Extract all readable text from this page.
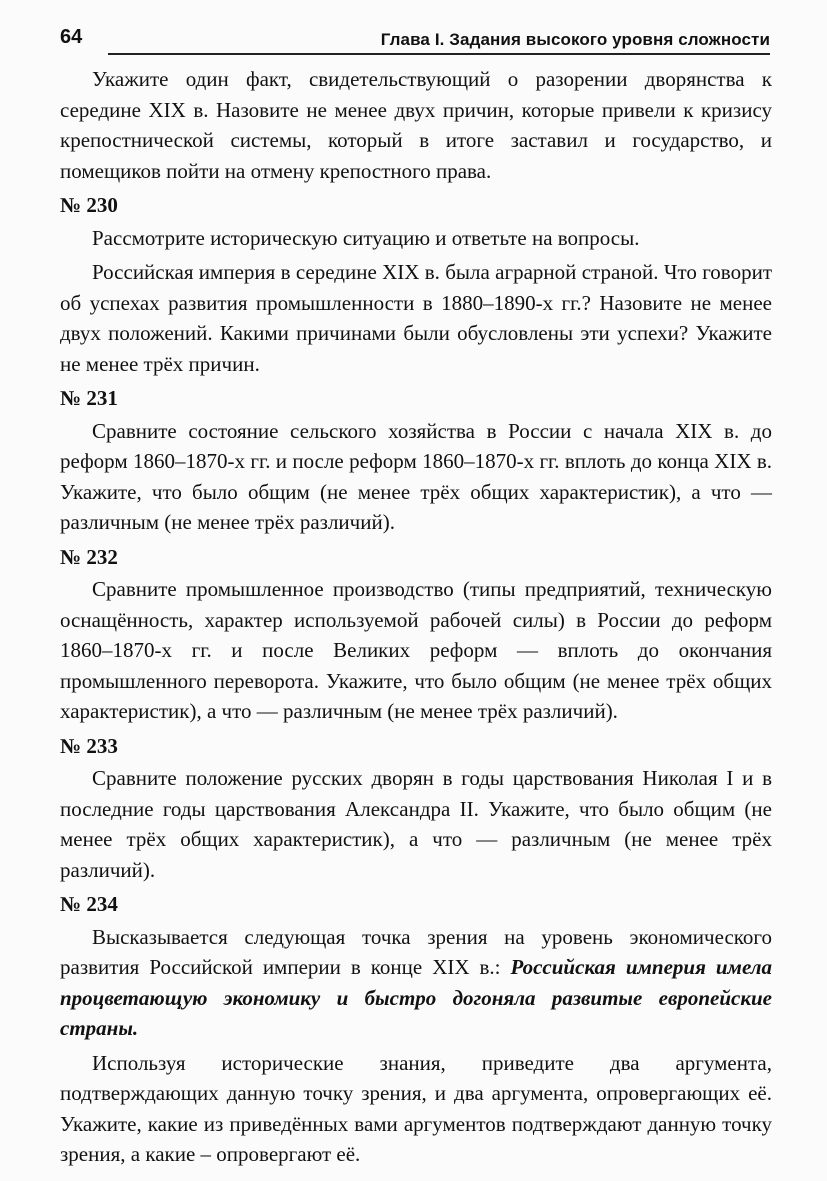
64	Глава I. Задания высокого уровня сложности

Укажите один факт, свидетельствующий о разорении дворянства к середине XIX в. Назовите не менее двух причин, которые привели к кризису крепостнической системы, который в итоге заставил и государство, и помещиков пойти на отмену крепостного права.

№ 230

Рассмотрите историческую ситуацию и ответьте на вопросы.

Российская империя в середине XIX в. была аграрной страной. Что говорит об успехах развития промышленности в 1880–1890-х гг.? Назовите не менее двух положений. Какими причинами были обусловлены эти успехи? Укажите не менее трёх причин.

№ 231

Сравните состояние сельского хозяйства в России с начала XIX в. до реформ 1860–1870-х гг. и после реформ 1860–1870-х гг. вплоть до конца XIX в. Укажите, что было общим (не менее трёх общих характеристик), а что — различным (не менее трёх различий).

№ 232

Сравните промышленное производство (типы предприятий, техническую оснащённость, характер используемой рабочей силы) в России до реформ 1860–1870-х гг. и после Великих реформ — вплоть до окончания промышленного переворота. Укажите, что было общим (не менее трёх общих характеристик), а что — различным (не менее трёх различий).

№ 233

Сравните положение русских дворян в годы царствования Николая I и в последние годы царствования Александра II. Укажите, что было общим (не менее трёх общих характеристик), а что — различным (не менее трёх различий).

№ 234

Высказывается следующая точка зрения на уровень экономического развития Российской империи в конце XIX в.: Российская империя имела процветающую экономику и быстро догоняла развитые европейские страны.

Используя исторические знания, приведите два аргумента, подтверждающих данную точку зрения, и два аргумента, опровергающих её. Укажите, какие из приведённых вами аргументов подтверждают данную точку зрения, а какие – опровергают её.
